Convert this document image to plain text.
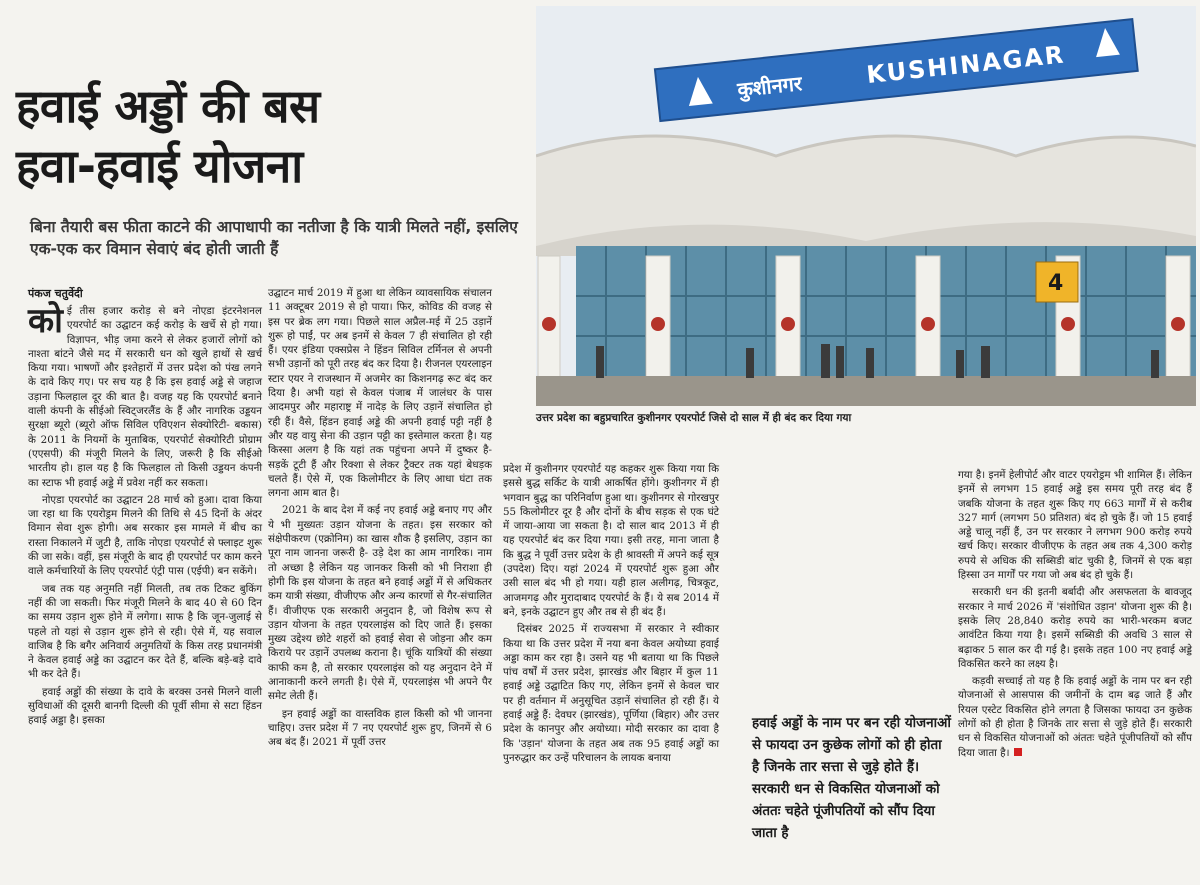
हवाई अड्डों की बस
हवा-हवाई योजना
बिना तैयारी बस फीता काटने की आपाधापी का नतीजा है कि यात्री मिलते नहीं, इसलिए एक-एक कर विमान सेवाएं बंद होती जाती हैं
पंकज चतुर्वेदी

कोई तीस हजार करोड़ से बने नोएडा इंटरनेशनल एयरपोर्ट का उद्घाटन कई करोड़ के खर्चे से हो गया। विज्ञापन, भीड़ जमा करने से लेकर हजारों लोगों को नाश्ता बांटने जैसे मद में सरकारी धन को खुले हाथों से खर्च किया गया। भाषणों और इश्तेहारों में उत्तर प्रदेश को पंख लगने के दावे किए गए। पर सच यह है कि इस हवाई अड्डे से जहाज उड़ाना फिलहाल दूर की बात है। वजह यह कि एयरपोर्ट बनाने वाली कंपनी के सीईओ स्विट्जरलैंड के हैं और नागरिक उड्डयन सुरक्षा ब्यूरो (ब्यूरो ऑफ सिविल एविएशन सेक्योरिटी- बकास) के 2011 के नियमों के मुताबिक, एयरपोर्ट सेक्योरिटी प्रोग्राम (एएसपी) की मंजूरी मिलने के लिए, जरूरी है कि सीईओ भारतीय हो। हाल यह है कि फिलहाल तो किसी उड्डयन कंपनी का स्टाफ भी हवाई अड्डे में प्रवेश नहीं कर सकता।

नोएडा एयरपोर्ट का उद्घाटन 28 मार्च को हुआ। दावा किया जा रहा था कि एयरोड्रम मिलने की तिथि से 45 दिनों के अंदर विमान सेवा शुरू होगी। अब सरकार इस मामले में बीच का रास्ता निकालने में जुटी है, ताकि नोएडा एयरपोर्ट से फ्लाइट शुरू की जा सके। वहीं, इस मंजूरी के बाद ही एयरपोर्ट पर काम करने वाले कर्मचारियों के लिए एयरपोर्ट एंट्री पास (एईपी) बन सकेंगे।

जब तक यह अनुमति नहीं मिलती, तब तक टिकट बुकिंग नहीं की जा सकती। फिर मंजूरी मिलने के बाद 40 से 60 दिन का समय उड़ान शुरू होने में लगेगा। साफ है कि जून-जुलाई से पहले तो यहां से उड़ान शुरू होने से रही। ऐसे में, यह सवाल वाजिब है कि बगैर अनिवार्य अनुमतियों के किस तरह प्रधानमंत्री ने केवल हवाई अड्डे का उद्घाटन कर देते हैं, बल्कि बड़े-बड़े दावे भी कर देते हैं।

हवाई अड्डों की संख्या के दावे के बरक्स उनसे मिलने वाली सुविधाओं की दूसरी बानगी दिल्ली की पूर्वी सीमा से सटा हिंडन हवाई अड्डा है। इसका

उद्घाटन मार्च 2019 में हुआ था लेकिन व्यावसायिक संचालन 11 अक्टूबर 2019 से हो पाया। फिर, कोविड की वजह से इस पर ब्रेक लग गया। पिछले साल अप्रैल-मई में 25 उड़ानें शुरू हो पाईं, पर अब इनमें से केवल 7 ही संचालित हो रही हैं। एयर इंडिया एक्सप्रेस ने हिंडन सिविल टर्मिनल से अपनी सभी उड़ानों को पूरी तरह बंद कर दिया है। रीजनल एयरलाइन स्टार एयर ने राजस्थान में अजमेर का किशनगढ़ रूट बंद कर दिया है। अभी यहां से केवल पंजाब में जालंधर के पास आदमपुर और महाराष्ट्र में नादेड़ के लिए उड़ानें संचालित हो रही हैं। वैसे, हिंडन हवाई अड्डे की अपनी हवाई पट्टी नहीं है और यह वायु सेना की उड़ान पट्टी का इस्तेमाल करता है। यह किस्सा अलग है कि यहां तक पहुंचना अपने में दुष्कर है- सड़कें टूटी हैं और रिक्शा से लेकर ट्रैक्टर तक यहां बेधड़क चलते हैं। ऐसे में, एक किलोमीटर के लिए आधा घंटा तक लगना आम बात है।

2021 के बाद देश में कई नए हवाई अड्डे बनाए गए और ये भी मुख्यतः उड़ान योजना के तहत। इस सरकार को संक्षेपीकरण (एक्रोनिम) का खास शौक है इसलिए, उड़ान का पूरा नाम जानना जरूरी है- उड़े देश का आम नागरिक। नाम तो अच्छा है लेकिन यह जानकर किसी को भी निराशा ही होगी कि इस योजना के तहत बने हवाई अड्डों में से अधिकतर कम यात्री संख्या, वीजीएफ और अन्य कारणों से गैर-संचालित हैं। वीजीएफ एक सरकारी अनुदान है, जो विशेष रूप से उड़ान योजना के तहत एयरलाइंस को दिए जाते हैं। इसका मुख्य उद्देश्य छोटे शहरों को हवाई सेवा से जोड़ना और कम किराये पर उड़ानें उपलब्ध कराना है। चूंकि यात्रियों की संख्या काफी कम है, तो सरकार एयरलाइंस को यह अनुदान देने में आनाकानी करने लगती है। ऐसे में, एयरलाइंस भी अपने पैर समेट लेती हैं।

इन हवाई अड्डों का वास्तविक हाल किसी को भी जानना चाहिए। उत्तर प्रदेश में 7 नए एयरपोर्ट शुरू हुए, जिनमें से 6 अब बंद हैं। 2021 में पूर्वी उत्तर

कुशीनगर	KUSHINAGAR
4
उत्तर प्रदेश का बहुप्रचारित कुशीनगर एयरपोर्ट जिसे दो साल में ही बंद कर दिया गया

प्रदेश में कुशीनगर एयरपोर्ट यह कहकर शुरू किया गया कि इससे बुद्ध सर्किट के यात्री आकर्षित होंगे। कुशीनगर में ही भगवान बुद्ध का परिनिर्वाण हुआ था। कुशीनगर से गोरखपुर 55 किलोमीटर दूर है और दोनों के बीच सड़क से एक घंटे में जाया-आया जा सकता है। दो साल बाद 2013 में ही यह एयरपोर्ट बंद कर दिया गया। इसी तरह, माना जाता है कि बुद्ध ने पूर्वी उत्तर प्रदेश के ही श्रावस्ती में अपने कई सूत्र (उपदेश) दिए। यहां 2024 में एयरपोर्ट शुरू हुआ और उसी साल बंद भी हो गया। यही हाल अलीगढ़, चित्रकूट, आजमगढ़ और मुरादाबाद एयरपोर्ट के हैं। ये सब 2014 में बने, इनके उद्घाटन हुए और तब से ही बंद हैं।

दिसंबर 2025 में राज्यसभा में सरकार ने स्वीकार किया था कि उत्तर प्रदेश में नया बना केवल अयोध्या हवाई अड्डा काम कर रहा है। उसने यह भी बताया था कि पिछले पांच वर्षों में उत्तर प्रदेश, झारखंड और बिहार में कुल 11 हवाई अड्डे उद्घाटित किए गए, लेकिन इनमें से केवल चार पर ही वर्तमान में अनुसूचित उड़ानें संचालित हो रही हैं। ये हवाई अड्डे हैं: देवघर (झारखंड), पूर्णिया (बिहार) और उत्तर प्रदेश के कानपुर और अयोध्या। मोदी सरकार का दावा है कि 'उड़ान' योजना के तहत अब तक 95 हवाई अड्डों का पुनरुद्धार कर उन्हें परिचालन के लायक बनाया

हवाई अड्डों के नाम पर बन रही योजनाओं से फायदा उन कुछेक लोगों को ही होता है जिनके तार सत्ता से जुड़े होते हैं। सरकारी धन से विकसित योजनाओं को अंततः चहेते पूंजीपतियों को सौंप दिया जाता है

गया है। इनमें हेलीपोर्ट और वाटर एयरोड्रम भी शामिल हैं। लेकिन इनमें से लगभग 15 हवाई अड्डे इस समय पूरी तरह बंद हैं जबकि योजना के तहत शुरू किए गए 663 मार्गों में से करीब 327 मार्ग (लगभग 50 प्रतिशत) बंद हो चुके हैं। जो 15 हवाई अड्डे चालू नहीं हैं, उन पर सरकार ने लगभग 900 करोड़ रुपये खर्च किए। सरकार वीजीएफ के तहत अब तक 4,300 करोड़ रुपये से अधिक की सब्सिडी बांट चुकी है, जिनमें से एक बड़ा हिस्सा उन मार्गों पर गया जो अब बंद हो चुके हैं।

सरकारी धन की इतनी बर्बादी और असफलता के बावजूद सरकार ने मार्च 2026 में 'संशोधित उड़ान' योजना शुरू की है। इसके लिए 28,840 करोड़ रुपये का भारी-भरकम बजट आवंटित किया गया है। इसमें सब्सिडी की अवधि 3 साल से बढ़ाकर 5 साल कर दी गई है। इसके तहत 100 नए हवाई अड्डे विकसित करने का लक्ष्य है।

कड़वी सच्चाई तो यह है कि हवाई अड्डों के नाम पर बन रही योजनाओं से आसपास की जमीनों के दाम बढ़ जाते हैं और रियल एस्टेट विकसित होने लगता है जिसका फायदा उन कुछेक लोगों को ही होता है जिनके तार सत्ता से जुड़े होते हैं। सरकारी धन से विकसित योजनाओं को अंततः चहेते पूंजीपतियों को सौंप दिया जाता है।
